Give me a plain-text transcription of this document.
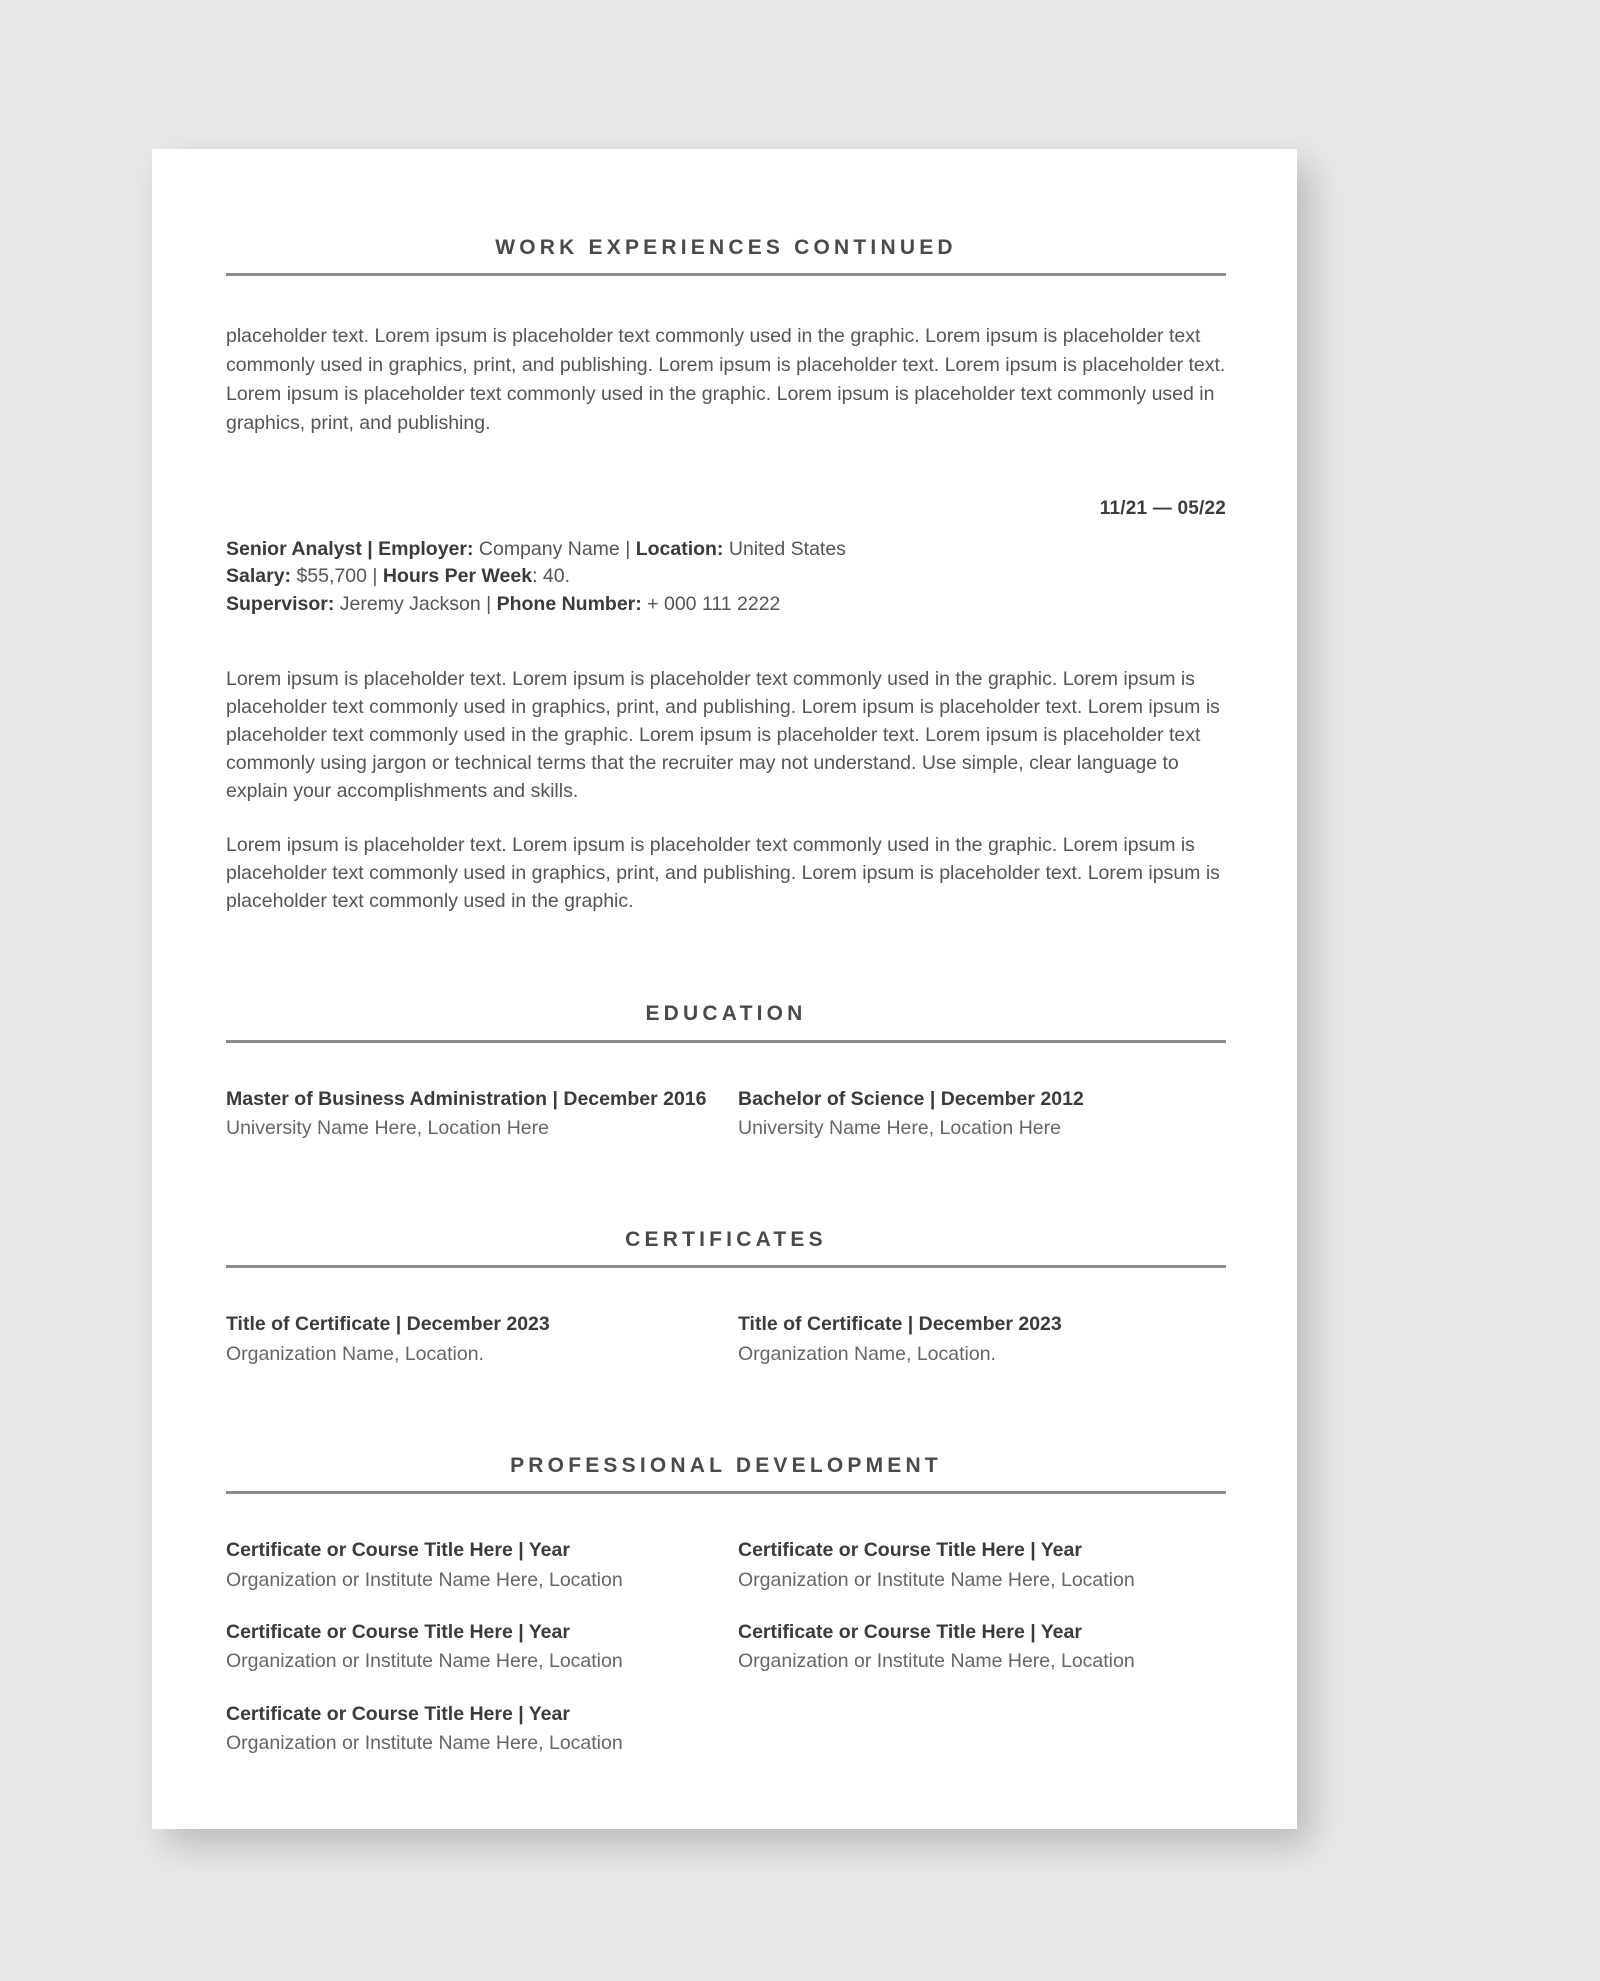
WORK EXPERIENCES CONTINUED

placeholder text. Lorem ipsum is placeholder text commonly used in the graphic. Lorem ipsum is placeholder text commonly used in graphics, print, and publishing. Lorem ipsum is placeholder text. Lorem ipsum is placeholder text. Lorem ipsum is placeholder text commonly used in the graphic. Lorem ipsum is placeholder text commonly used in graphics, print, and publishing.

11/21 — 05/22
Senior Analyst | Employer: Company Name | Location: United States
Salary: $55,700 | Hours Per Week: 40.
Supervisor: Jeremy Jackson | Phone Number: + 000 111 2222

Lorem ipsum is placeholder text. Lorem ipsum is placeholder text commonly used in the graphic. Lorem ipsum is placeholder text commonly used in graphics, print, and publishing. Lorem ipsum is placeholder text. Lorem ipsum is placeholder text commonly used in the graphic. Lorem ipsum is placeholder text. Lorem ipsum is placeholder text commonly using jargon or technical terms that the recruiter may not understand. Use simple, clear language to explain your accomplishments and skills.

Lorem ipsum is placeholder text. Lorem ipsum is placeholder text commonly used in the graphic. Lorem ipsum is placeholder text commonly used in graphics, print, and publishing. Lorem ipsum is placeholder text. Lorem ipsum is placeholder text commonly used in the graphic.

EDUCATION
Master of Business Administration | December 2016
University Name Here, Location Here
Bachelor of Science | December 2012
University Name Here, Location Here
CERTIFICATES
Title of Certificate | December 2023
Organization Name, Location.
Title of Certificate | December 2023
Organization Name, Location.
PROFESSIONAL DEVELOPMENT
Certificate or Course Title Here | Year
Organization or Institute Name Here, Location
Certificate or Course Title Here | Year
Organization or Institute Name Here, Location
Certificate or Course Title Here | Year
Organization or Institute Name Here, Location
Certificate or Course Title Here | Year
Organization or Institute Name Here, Location
Certificate or Course Title Here | Year
Organization or Institute Name Here, Location
